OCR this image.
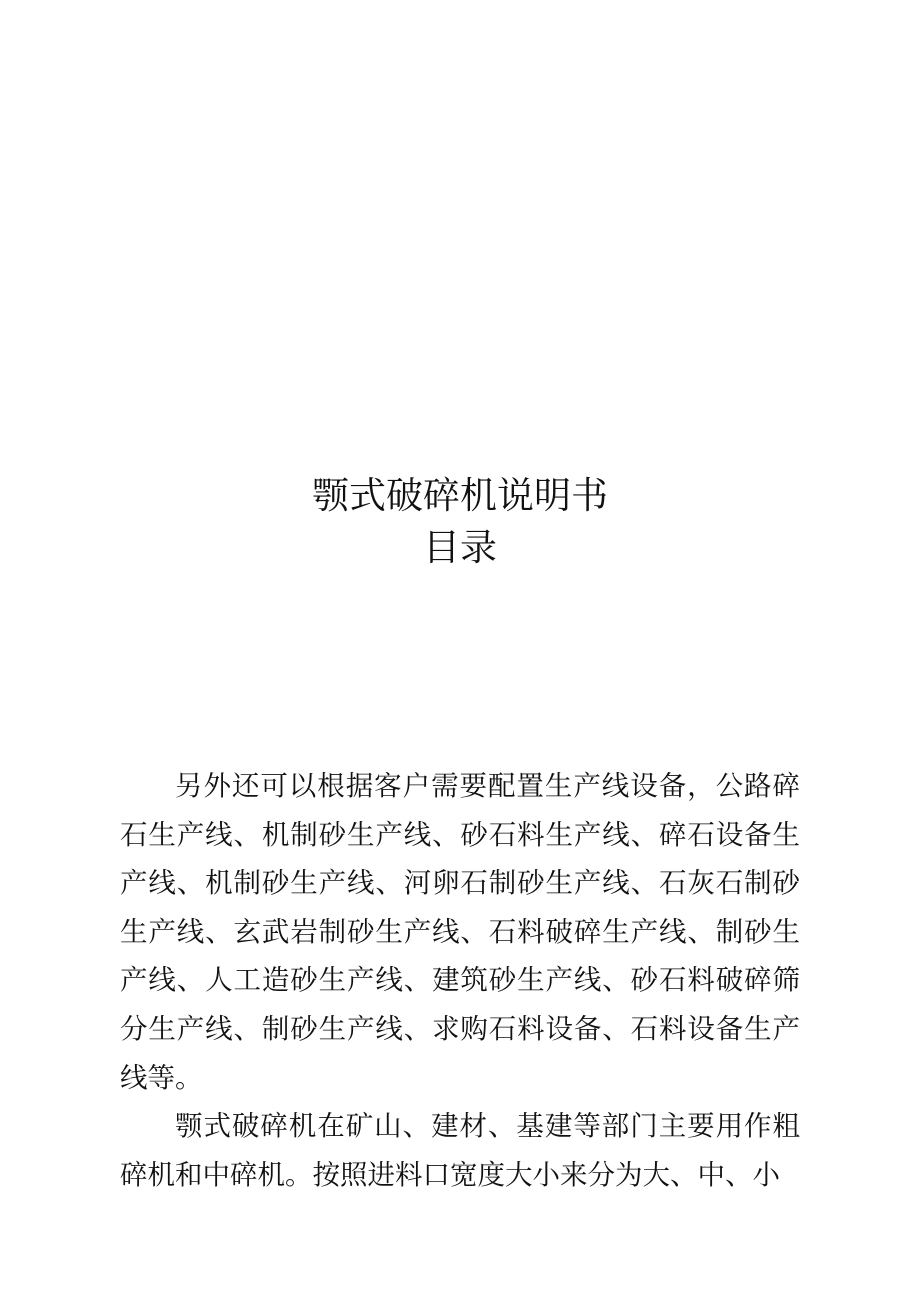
颚式破碎机说明书
目录

另外还可以根据客户需要配置生产线设备，公路碎石生产线、机制砂生产线、砂石料生产线、碎石设备生产线、机制砂生产线、河卵石制砂生产线、石灰石制砂生产线、玄武岩制砂生产线、石料破碎生产线、制砂生产线、人工造砂生产线、建筑砂生产线、砂石料破碎筛分生产线、制砂生产线、求购石料设备、石料设备生产线等。

颚式破碎机在矿山、建材、基建等部门主要用作粗碎机和中碎机。按照进料口宽度大小来分为大、中、小
